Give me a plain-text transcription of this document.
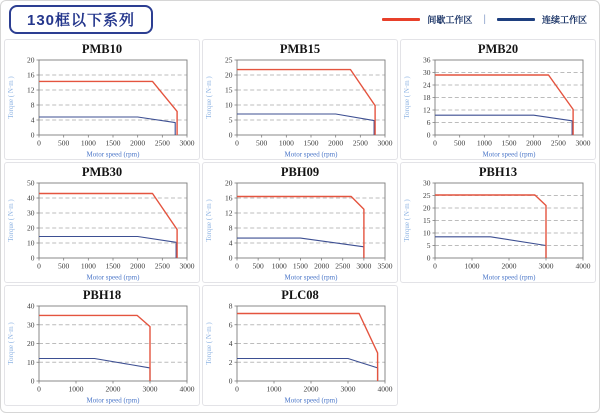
130框以下系列	间歇工作区	|	连续工作区
PMB10
0 500 1000 1500 2000 2500 3000
0
4
8
12
16
20
Motor speed (rpm)
Torque ( N·m )
PMB15
0 500 1000 1500 2000 2500 3000
0
5
10
15
20
25
Motor speed (rpm)
Torque ( N·m )
PMB20
0 500 1000 1500 2000 2500 3000
0
6
12
18
24
30
36
Motor speed (rpm)
Torque ( N·m )
PMB30
0 500 1000 1500 2000 2500 3000
0
10
20
30
40
50
Motor speed (rpm)
Torque ( N·m )
PBH09
0 500 1000 1500 2000 2500 3000 3500
0
4
8
12
16
20
Motor speed (rpm)
Torque ( N·m )
PBH13
0	1000	2000	3000	4000
0
5
10
15
20
25
30
Motor speed (rpm)
Torque ( N·m )
PBH18
0	1000	2000	3000	4000
0
10
20
30
40
Motor speed (rpm)
Torque ( N·m )
PLC08
0	1000	2000	3000	4000
0
2
4
6
8
Motor speed (rpm)
Torque ( N·m )
